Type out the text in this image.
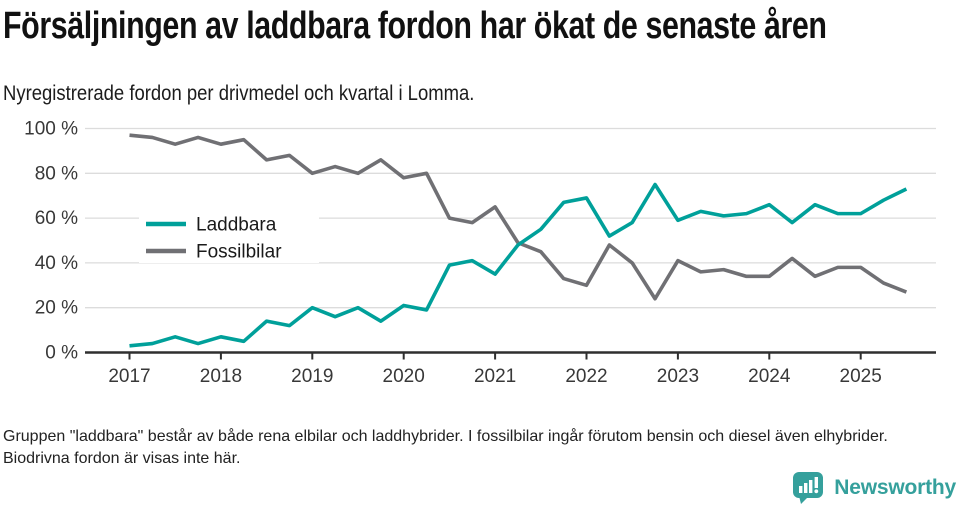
Försäljningen av laddbara fordon har ökat de senaste åren
Nyregistrerade fordon per drivmedel och kvartal i Lomma.
0 %
20 %
40 %
60 %
80 %
100 %
2017	2018	2019	2020	2021	2022	2023	2024	2025
Laddbara
Fossilbilar
Gruppen "laddbara" består av både rena elbilar och laddhybrider. I fossilbilar ingår förutom bensin och diesel även elhybrider. Biodrivna fordon är visas inte här.
Newsworthy
